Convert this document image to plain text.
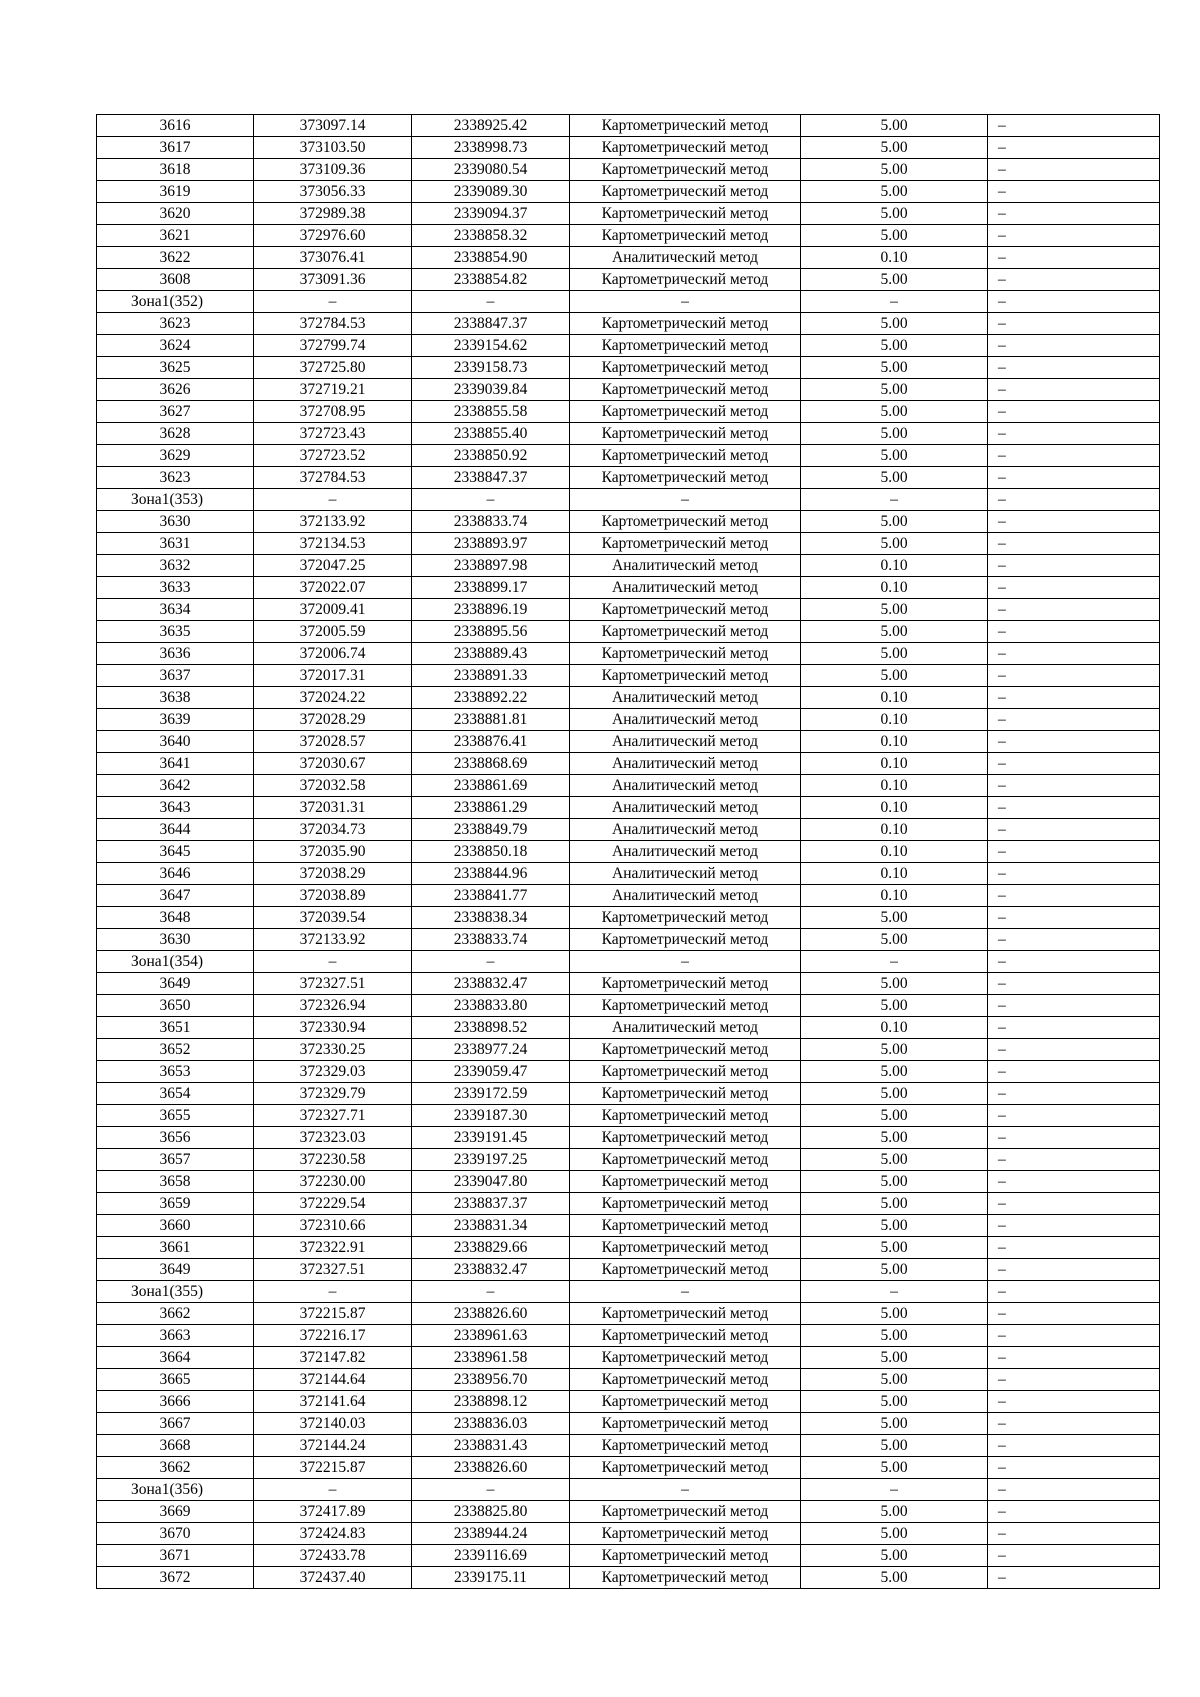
3616	373097.14	2338925.42	Картометрический метод	5.00	–
3617	373103.50	2338998.73	Картометрический метод	5.00	–
3618	373109.36	2339080.54	Картометрический метод	5.00	–
3619	373056.33	2339089.30	Картометрический метод	5.00	–
3620	372989.38	2339094.37	Картометрический метод	5.00	–
3621	372976.60	2338858.32	Картометрический метод	5.00	–
3622	373076.41	2338854.90	Аналитический метод	0.10	–
3608	373091.36	2338854.82	Картометрический метод	5.00	–
Зона1(352)	–	–	–	–	–
3623	372784.53	2338847.37	Картометрический метод	5.00	–
3624	372799.74	2339154.62	Картометрический метод	5.00	–
3625	372725.80	2339158.73	Картометрический метод	5.00	–
3626	372719.21	2339039.84	Картометрический метод	5.00	–
3627	372708.95	2338855.58	Картометрический метод	5.00	–
3628	372723.43	2338855.40	Картометрический метод	5.00	–
3629	372723.52	2338850.92	Картометрический метод	5.00	–
3623	372784.53	2338847.37	Картометрический метод	5.00	–
Зона1(353)	–	–	–	–	–
3630	372133.92	2338833.74	Картометрический метод	5.00	–
3631	372134.53	2338893.97	Картометрический метод	5.00	–
3632	372047.25	2338897.98	Аналитический метод	0.10	–
3633	372022.07	2338899.17	Аналитический метод	0.10	–
3634	372009.41	2338896.19	Картометрический метод	5.00	–
3635	372005.59	2338895.56	Картометрический метод	5.00	–
3636	372006.74	2338889.43	Картометрический метод	5.00	–
3637	372017.31	2338891.33	Картометрический метод	5.00	–
3638	372024.22	2338892.22	Аналитический метод	0.10	–
3639	372028.29	2338881.81	Аналитический метод	0.10	–
3640	372028.57	2338876.41	Аналитический метод	0.10	–
3641	372030.67	2338868.69	Аналитический метод	0.10	–
3642	372032.58	2338861.69	Аналитический метод	0.10	–
3643	372031.31	2338861.29	Аналитический метод	0.10	–
3644	372034.73	2338849.79	Аналитический метод	0.10	–
3645	372035.90	2338850.18	Аналитический метод	0.10	–
3646	372038.29	2338844.96	Аналитический метод	0.10	–
3647	372038.89	2338841.77	Аналитический метод	0.10	–
3648	372039.54	2338838.34	Картометрический метод	5.00	–
3630	372133.92	2338833.74	Картометрический метод	5.00	–
Зона1(354)	–	–	–	–	–
3649	372327.51	2338832.47	Картометрический метод	5.00	–
3650	372326.94	2338833.80	Картометрический метод	5.00	–
3651	372330.94	2338898.52	Аналитический метод	0.10	–
3652	372330.25	2338977.24	Картометрический метод	5.00	–
3653	372329.03	2339059.47	Картометрический метод	5.00	–
3654	372329.79	2339172.59	Картометрический метод	5.00	–
3655	372327.71	2339187.30	Картометрический метод	5.00	–
3656	372323.03	2339191.45	Картометрический метод	5.00	–
3657	372230.58	2339197.25	Картометрический метод	5.00	–
3658	372230.00	2339047.80	Картометрический метод	5.00	–
3659	372229.54	2338837.37	Картометрический метод	5.00	–
3660	372310.66	2338831.34	Картометрический метод	5.00	–
3661	372322.91	2338829.66	Картометрический метод	5.00	–
3649	372327.51	2338832.47	Картометрический метод	5.00	–
Зона1(355)	–	–	–	–	–
3662	372215.87	2338826.60	Картометрический метод	5.00	–
3663	372216.17	2338961.63	Картометрический метод	5.00	–
3664	372147.82	2338961.58	Картометрический метод	5.00	–
3665	372144.64	2338956.70	Картометрический метод	5.00	–
3666	372141.64	2338898.12	Картометрический метод	5.00	–
3667	372140.03	2338836.03	Картометрический метод	5.00	–
3668	372144.24	2338831.43	Картометрический метод	5.00	–
3662	372215.87	2338826.60	Картометрический метод	5.00	–
Зона1(356)	–	–	–	–	–
3669	372417.89	2338825.80	Картометрический метод	5.00	–
3670	372424.83	2338944.24	Картометрический метод	5.00	–
3671	372433.78	2339116.69	Картометрический метод	5.00	–
3672	372437.40	2339175.11	Картометрический метод	5.00	–
